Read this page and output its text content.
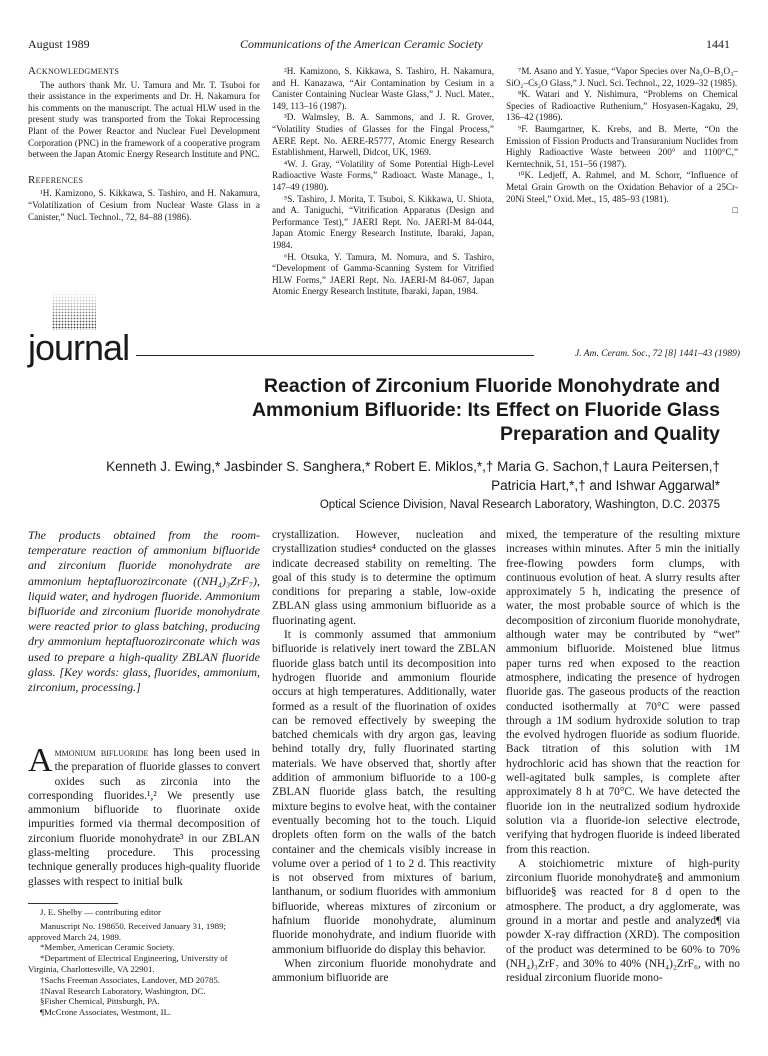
August 1989	Communications of the American Ceramic Society	1441
Acknowledgments

The authors thank Mr. U. Tamura and Mr. T. Tsuboi for their assistance in the experiments and Dr. H. Nakamura for his comments on the manuscript. The actual HLW used in the present study was transported from the Tokai Reprocessing Plant of the Power Reactor and Nuclear Fuel Development Corporation (PNC) in the framework of a cooperative program between the Japan Atomic Energy Research Institute and PNC.

References

¹H. Kamizono, S. Kikkawa, S. Tashiro, and H. Nakamura, “Volatilization of Cesium from Nuclear Waste Glass in a Canister,” Nucl. Technol., 72, 84–88 (1986).

²H. Kamizono, S. Kikkawa, S. Tashiro, H. Nakamura, and H. Kanazawa, “Air Contamination by Cesium in a Canister Containing Nuclear Waste Glass,” J. Nucl. Mater., 149, 113–16 (1987).

³D. Walmsley, B. A. Sammons, and J. R. Grover, “Volatility Studies of Glasses for the Fingal Process,” AERE Rept. No. AERE-R5777, Atomic Energy Research Establishment, Harwell, Didcot, UK, 1969.

⁴W. J. Gray, “Volatility of Some Potential High-Level Radioactive Waste Forms,” Radioact. Waste Manage., 1, 147–49 (1980).

⁵S. Tashiro, J. Morita, T. Tsuboi, S. Kikkawa, U. Shiota, and A. Taniguchi, “Vitrification Apparatus (Design and Performance Test),” JAERI Rept. No. JAERI-M 84-044, Japan Atomic Energy Research Institute, Ibaraki, Japan, 1984.

⁶H. Otsuka, Y. Tamura, M. Nomura, and S. Tashiro, “Development of Gamma-Scanning System for Vitrified HLW Forms,” JAERI Rept. No. JAERI-M 84-067, Japan Atomic Energy Research Institute, Ibaraki, Japan, 1984.

⁷M. Asano and Y. Yasue, “Vapor Species over Na₂O–B₂O₃–SiO₂–Cs₂O Glass,” J. Nucl. Sci. Technol., 22, 1029–32 (1985).

⁸K. Watari and Y. Nishimura, “Problems on Chemical Species of Radioactive Ruthenium,” Hosyasen-Kagaku, 29, 136–42 (1986).

⁹F. Baumgartner, K. Krebs, and B. Merte, “On the Emission of Fission Products and Transuranium Nuclides from Highly Radioactive Waste between 200° and 1100°C,” Kerntechnik, 51, 151–56 (1987).

¹⁰K. Ledjeff, A. Rahmel, and M. Schorr, “Influence of Metal Grain Growth on the Oxidation Behavior of a 25Cr-20Ni Steel,” Oxid. Met., 15, 485–93 (1981).

□

journal	J. Am. Ceram. Soc., 72 [8] 1441–43 (1989)
Reaction of Zirconium Fluoride Monohydrate and Ammonium Bifluoride: Its Effect on Fluoride Glass Preparation and Quality
Kenneth J. Ewing,* Jasbinder S. Sanghera,* Robert E. Miklos,*,† Maria G. Sachon,† Laura Peitersen,† Patricia Hart,*,† and Ishwar Aggarwal*
Optical Science Division, Naval Research Laboratory, Washington, D.C. 20375
The products obtained from the room-temperature reaction of ammonium bifluoride and zirconium fluoride monohydrate are ammonium heptafluorozirconate ((NH₄)₃ZrF₇), liquid water, and hydrogen fluoride. Ammonium bifluoride and zirconium fluoride monohydrate were reacted prior to glass batching, producing dry ammonium heptafluorozirconate which was used to prepare a high-quality ZBLAN fluoride glass. [Key words: glass, fluorides, ammonium, zirconium, processing.]
Ammonium bifluoride has long been used in the preparation of fluoride glasses to convert oxides such as zirconia into the corresponding fluorides.¹,² We presently use ammonium bifluoride to fluorinate oxide impurities formed via thermal decomposition of zirconium fluoride monohydrate³ in our ZBLAN glass-melting procedure. This processing technique generally produces high-quality fluoride glasses with respect to initial bulk

J. E. Shelby — contributing editor

Manuscript No. 198650. Received January 31, 1989; approved March 24, 1989.

*Member, American Ceramic Society.

*Department of Electrical Engineering, University of Virginia, Charlottesville, VA 22901.

†Sachs Freeman Associates, Landover, MD 20785.

‡Naval Research Laboratory, Washington, DC.

§Fisher Chemical, Pittsburgh, PA.

¶McCrone Associates, Westmont, IL.

crystallization. However, nucleation and crystallization studies⁴ conducted on the glasses indicate decreased stability on remelting. The goal of this study is to determine the optimum conditions for preparing a stable, low-oxide ZBLAN glass using ammonium bifluoride as a fluorinating agent.

It is commonly assumed that ammonium bifluoride is relatively inert toward the ZBLAN fluoride glass batch until its decomposition into hydrogen fluoride and ammonium flouride occurs at high temperatures. Additionally, water formed as a result of the fluorination of oxides can be removed effectively by sweeping the batched chemicals with dry argon gas, leaving behind totally dry, fully fluorinated starting materials. We have observed that, shortly after addition of ammonium bifluoride to a 100-g ZBLAN fluoride glass batch, the resulting mixture begins to evolve heat, with the container eventually becoming hot to the touch. Liquid droplets often form on the walls of the batch container and the chemicals visibly increase in volume over a period of 1 to 2 d. This reactivity is not observed from mixtures of barium, lanthanum, or sodium fluorides with ammonium bifluoride, whereas mixtures of zirconium or hafnium fluoride monohydrate, aluminum fluoride monohydrate, and indium fluoride with ammonium bifluoride do display this behavior.

When zirconium fluoride monohydrate and ammonium bifluoride are

mixed, the temperature of the resulting mixture increases within minutes. After 5 min the initially free-flowing powders form clumps, with continuous evolution of heat. A slurry results after approximately 5 h, indicating the presence of water, the most probable source of which is the decomposition of zirconium fluoride monohydrate, although water may be contributed by “wet” ammonium bifluoride. Moistened blue litmus paper turns red when exposed to the reaction atmosphere, indicating the presence of hydrogen fluoride gas. The gaseous products of the reaction conducted isothermally at 70°C were passed through a 1M sodium hydroxide solution to trap the evolved hydrogen fluoride as sodium fluoride. Back titration of this solution with 1M hydrochloric acid has shown that the reaction for well-agitated bulk samples, is complete after approximately 8 h at 70°C. We have detected the fluoride ion in the neutralized sodium hydroxide solution via a fluoride-ion selective electrode, verifying that hydrogen fluoride is indeed liberated from this reaction.

A stoichiometric mixture of high-purity zirconium fluoride monohydrate§ and ammonium bifluoride§ was reacted for 8 d open to the atmosphere. The product, a dry agglomerate, was ground in a mortar and pestle and analyzed¶ via powder X-ray diffraction (XRD). The composition of the product was determined to be 60% to 70% (NH₄)₃ZrF₇ and 30% to 40% (NH₄)₂ZrF₆, with no residual zirconium fluoride mono-
